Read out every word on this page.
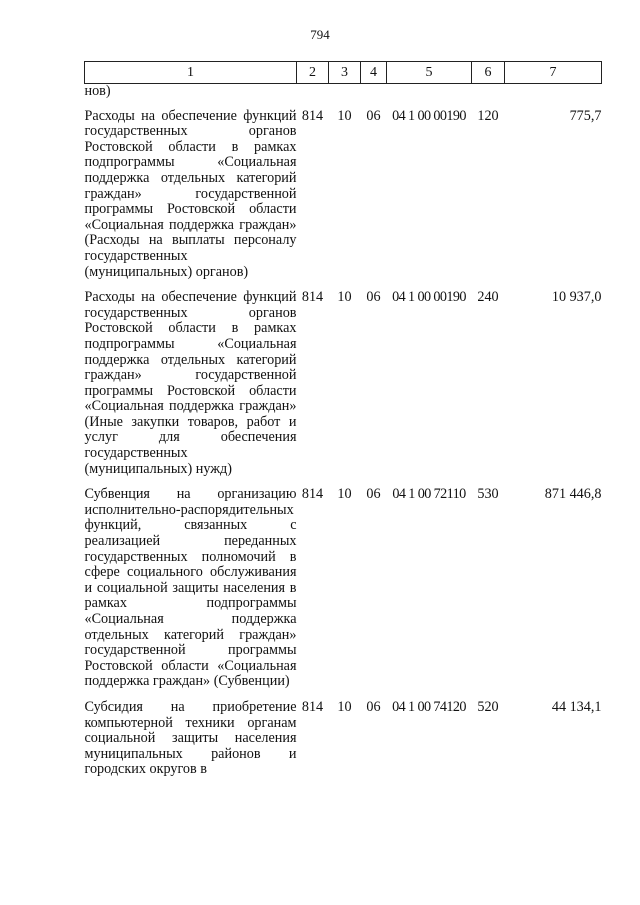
794
1	2	3	4	5	6	7
нов)						
Расходы на обеспечение функций государственных органов Ростовской области в рамках подпрограммы «Социальная поддержка отдельных категорий граждан» государственной программы Ростовской области «Социальная поддержка граждан» (Расходы на выплаты персоналу государственных (муниципальных) органов)	814	10	06	04 1 00 00190	120	775,7
Расходы на обеспечение функций государственных органов Ростовской области в рамках подпрограммы «Социальная поддержка отдельных категорий граждан» государственной программы Ростовской области «Социальная поддержка граждан» (Иные закупки товаров, работ и услуг для обеспечения государственных (муниципальных) нужд)	814	10	06	04 1 00 00190	240	10 937,0
Субвенция на организацию исполнительно-распорядительных функций, связанных с реализацией переданных государственных полномочий в сфере социального обслуживания и социальной защиты населения в рамках подпрограммы «Социальная поддержка отдельных категорий граждан» государственной программы Ростовской области «Социальная поддержка граждан» (Субвенции)	814	10	06	04 1 00 72110	530	871 446,8
Субсидия на приобретение компьютерной техники органам социальной защиты населения муниципальных районов и городских округов в	814	10	06	04 1 00 74120	520	44 134,1
